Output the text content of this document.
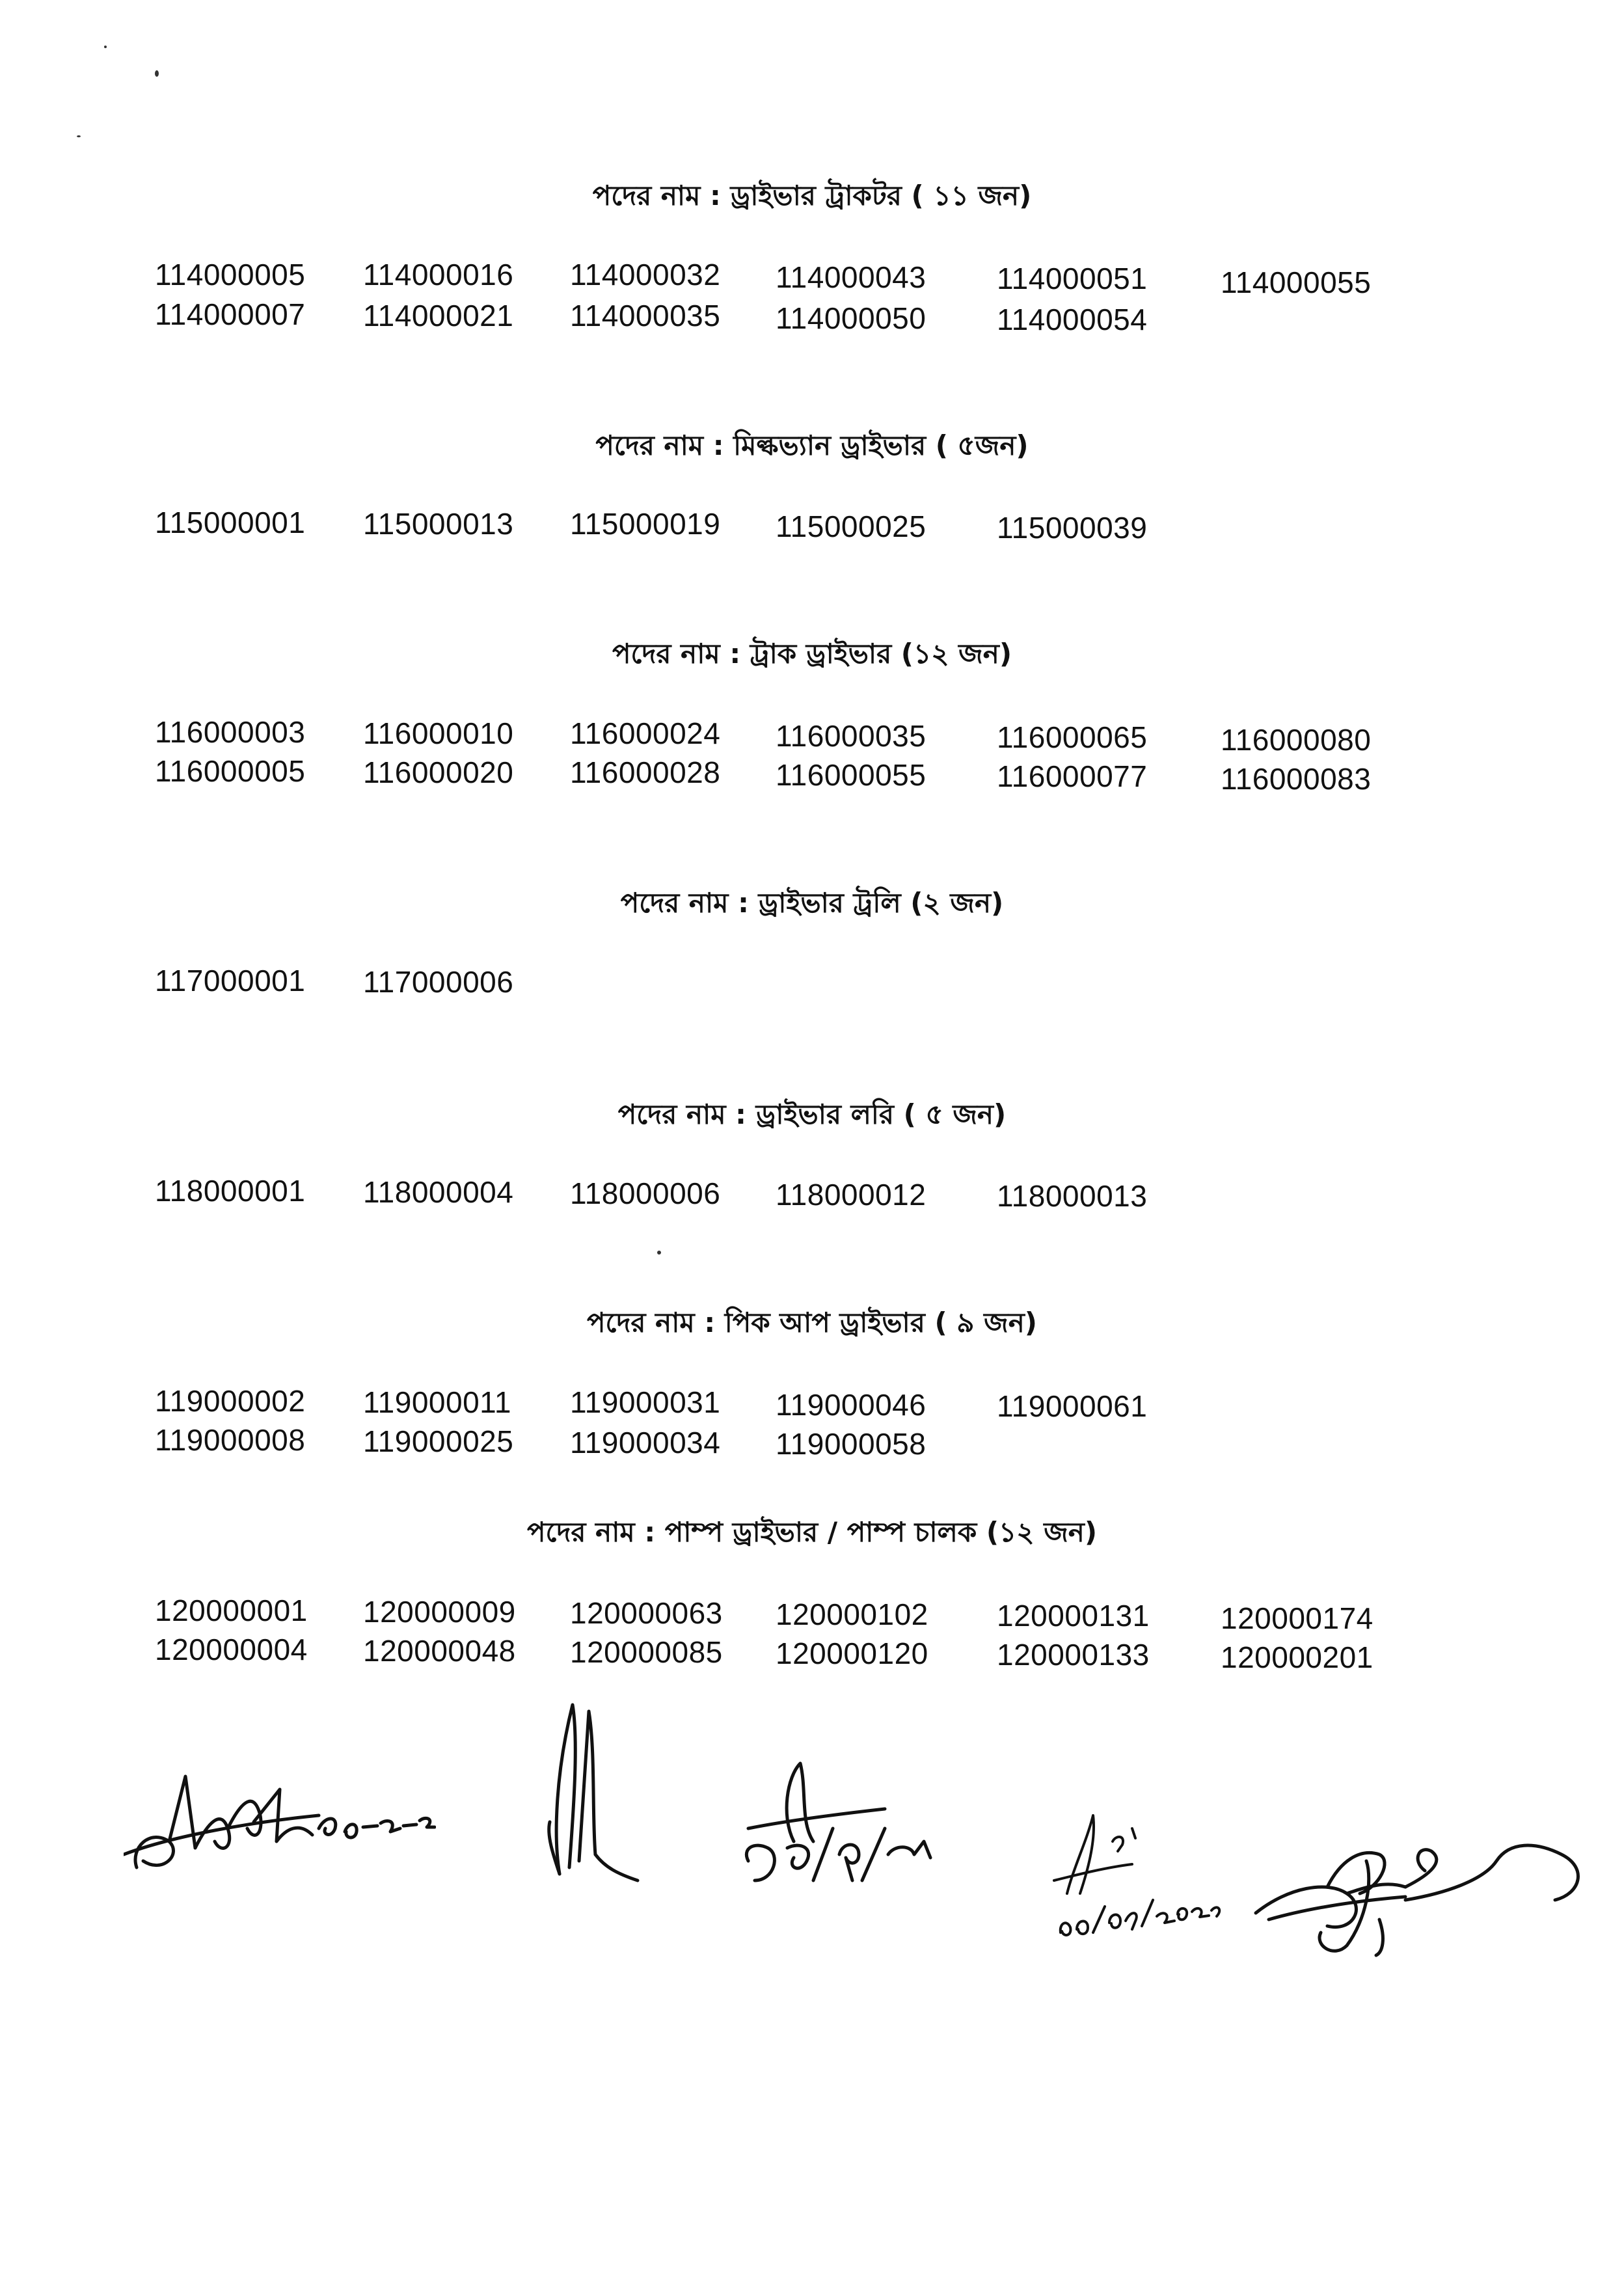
পদের নাম : ড্রাইভার ট্রাকটর ( ১১ জন)
114000005 114000016 114000032 114000043 114000051 114000055
114000007 114000021 114000035 114000050 114000054
পদের নাম : মিল্কভ্যান ড্রাইভার ( ৫জন)
115000001 115000013 115000019 115000025 115000039
পদের নাম : ট্রাক ড্রাইভার (১২ জন)
116000003 116000010 116000024 116000035 116000065 116000080
116000005 116000020 116000028 116000055 116000077 116000083
পদের নাম : ড্রাইভার ট্রলি (২ জন)
117000001 117000006
পদের নাম : ড্রাইভার লরি ( ৫ জন)
118000001 118000004 118000006 118000012 118000013
পদের নাম : পিক আপ ড্রাইভার ( ৯ জন)
119000002 119000011 119000031 119000046 119000061
119000008 119000025 119000034 119000058
পদের নাম : পাম্প ড্রাইভার / পাম্প চালক (১২ জন)
120000001 120000009 120000063 120000102 120000131 120000174
120000004 120000048 120000085 120000120 120000133 120000201
